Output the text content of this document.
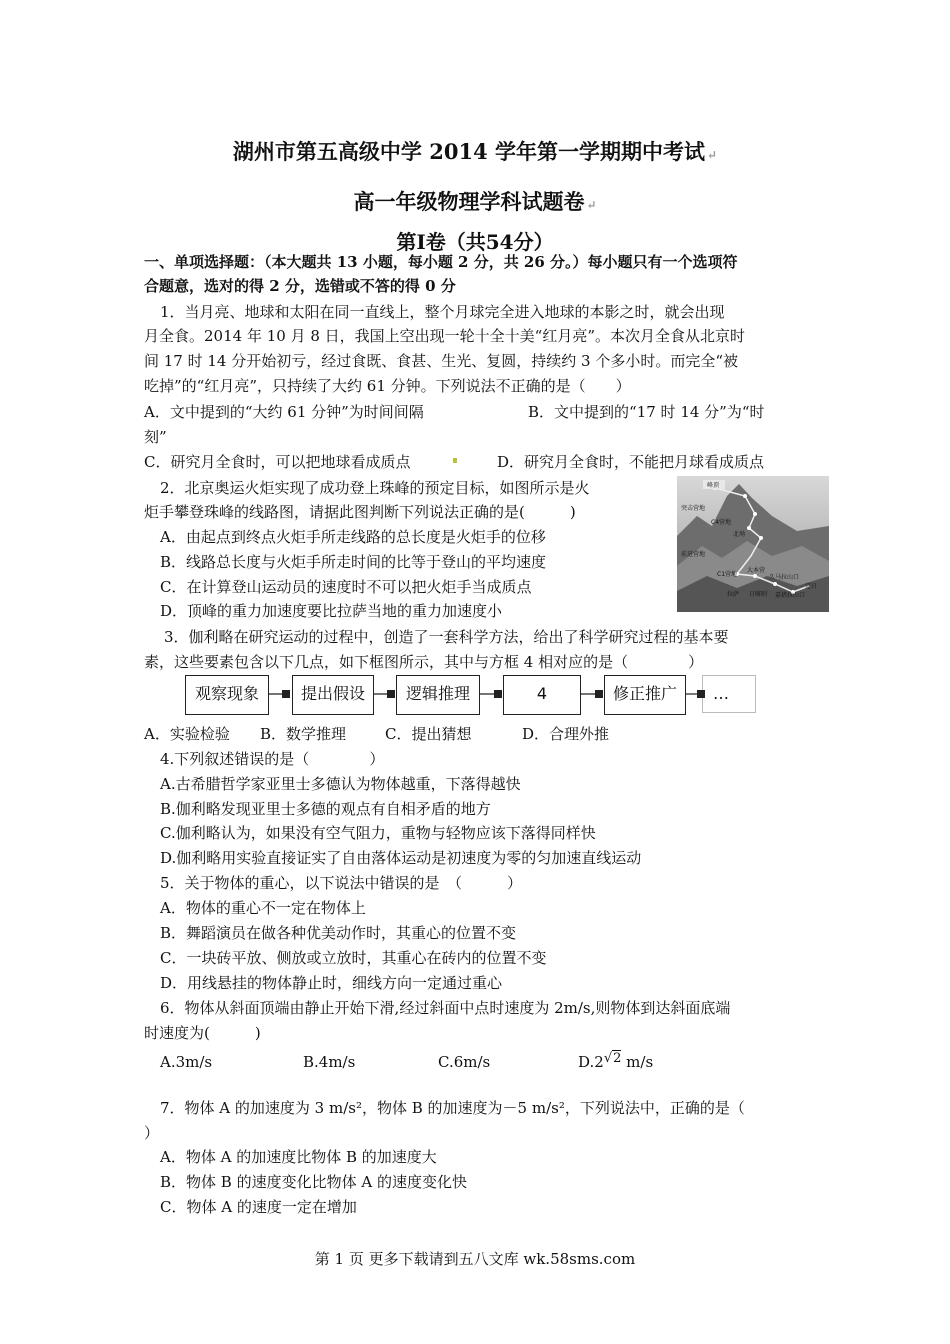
湖州市第五高级中学 2014 学年第一学期期中考试 ↵
高一年级物理学科试题卷 ↵
第Ⅰ卷（共54分）
一、单项选择题：（本大题共 13 小题，每小题 2 分，共 26 分。）每小题只有一个选项符
合题意，选对的得 2 分，选错或不答的得 0 分
1．当月亮、地球和太阳在同一直线上，整个月球完全进入地球的本影之时，就会出现
月全食。2014 年 10 月 8 日，我国上空出现一轮十全十美“红月亮”。本次月全食从北京时
间 17 时 14 分开始初亏，经过食既、食甚、生光、复圆，持续约 3 个多小时。而完全“被
吃掉”的“红月亮”，只持续了大约 61 分钟。下列说法不正确的是（　　）
A．文中提到的“大约 61 分钟”为时间间隔	B．文中提到的“17 时 14 分”为“时
刻”
C．研究月全食时，可以把地球看成质点	D．研究月全食时，不能把月球看成质点
2．北京奥运火炬实现了成功登上珠峰的预定目标，如图所示是火
炬手攀登珠峰的线路图，请据此图判断下列说法正确的是(　　　)
A．由起点到终点火炬手所走线路的总长度是火炬手的位移
B．线路总长度与火炬手所走时间的比等于登山的平均速度
C．在计算登山运动员的速度时不可以把火炬手当成质点
D．顶峰的重力加速度要比拉萨当地的重力加速度小
峰顶
突击营地
C4营地
北坳
前进营地
C1营地
大本营
久马拉山口
定日
拉萨 日喀则 嘉措拉山口
3．伽利略在研究运动的过程中，创造了一套科学方法，给出了科学研究过程的基本要
素，这些要素包含以下几点，如下框图所示，其中与方框 4 相对应的是（　　　　）
观察现象	提出假设	逻辑推理	4	修正推广	…
A．实验检验 B．数学推理	C．提出猜想	D．合理外推
4.下列叙述错误的是（　　　　）
A.古希腊哲学家亚里士多德认为物体越重，下落得越快
B.伽利略发现亚里士多德的观点有自相矛盾的地方
C.伽利略认为，如果没有空气阻力，重物与轻物应该下落得同样快
D.伽利略用实验直接证实了自由落体运动是初速度为零的匀加速直线运动
5．关于物体的重心，以下说法中错误的是　（　　　）
A．物体的重心不一定在物体上
B．舞蹈演员在做各种优美动作时，其重心的位置不变
C．一块砖平放、侧放或立放时，其重心在砖内的位置不变
D．用线悬挂的物体静止时，细线方向一定通过重心
6．物体从斜面顶端由静止开始下滑,经过斜面中点时速度为 2m/s,则物体到达斜面底端
时速度为(　　　)
A.3m/s	B.4m/s	C.6m/s	D.2√2 m/s
7．物体 A 的加速度为 3 m/s²，物体 B 的加速度为－5 m/s²，下列说法中，正确的是（
）
A．物体 A 的加速度比物体 B 的加速度大
B．物体 B 的速度变化比物体 A 的速度变化快
C．物体 A 的速度一定在增加
第 1 页 更多下载请到五八文库 wk.58sms.com
